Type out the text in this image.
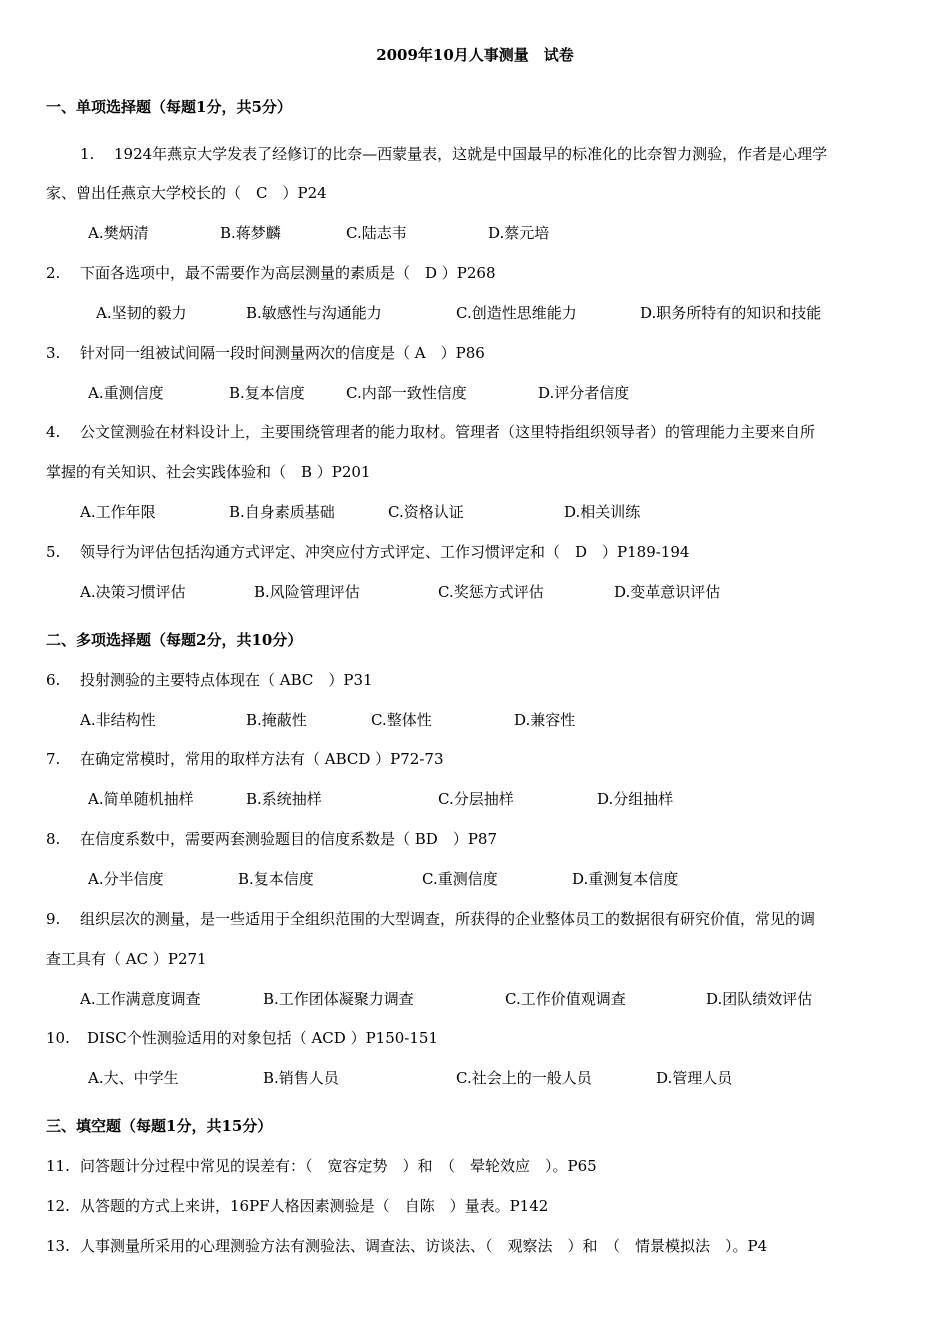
2009年10月人事测量　试卷
一、单项选择题（每题1分，共5分）
1. 1924年燕京大学发表了经修订的比奈—西蒙量表，这就是中国最早的标准化的比奈智力测验，作者是心理学
家、曾出任燕京大学校长的（　C　）P24
A.樊炳清	B.蒋梦麟	C.陆志韦	D.蔡元培
2. 下面各选项中，最不需要作为高层测量的素质是（　D ）P268
A.坚韧的毅力	B.敏感性与沟通能力	C.创造性思维能力	D.职务所特有的知识和技能
3. 针对同一组被试间隔一段时间测量两次的信度是（ A　）P86
A.重测信度	B.复本信度	C.内部一致性信度	D.评分者信度
4. 公文筐测验在材料设计上，主要围绕管理者的能力取材。管理者（这里特指组织领导者）的管理能力主要来自所
掌握的有关知识、社会实践体验和（　B ）P201
A.工作年限	B.自身素质基础	C.资格认证	D.相关训练
5. 领导行为评估包括沟通方式评定、冲突应付方式评定、工作习惯评定和（　D　）P189-194
A.决策习惯评估	B.风险管理评估	C.奖惩方式评估	D.变革意识评估
二、多项选择题（每题2分，共10分）
6. 投射测验的主要特点体现在（ ABC　）P31
A.非结构性	B.掩蔽性	C.整体性	D.兼容性
7. 在确定常模时，常用的取样方法有（ ABCD ）P72-73
A.简单随机抽样	B.系统抽样	C.分层抽样	D.分组抽样
8. 在信度系数中，需要两套测验题目的信度系数是（ BD　）P87
A.分半信度	B.复本信度	C.重测信度	D.重测复本信度
9. 组织层次的测量，是一些适用于全组织范围的大型调查，所获得的企业整体员工的数据很有研究价值，常见的调
查工具有（ AC ）P271
A.工作满意度调查	B.工作团体凝聚力调查	C.工作价值观调查	D.团队绩效评估
10. DISC个性测验适用的对象包括（ ACD ）P150-151
A.大、中学生	B.销售人员	C.社会上的一般人员	D.管理人员
三、填空题（每题1分，共15分）
11. 问答题计分过程中常见的误差有：（　宽容定势　）和　（　晕轮效应　）。P65
12. 从答题的方式上来讲，16PF人格因素测验是（　自陈　）量表。P142
13. 人事测量所采用的心理测验方法有测验法、调查法、访谈法、（　观察法　）和　（　情景模拟法　）。P4
